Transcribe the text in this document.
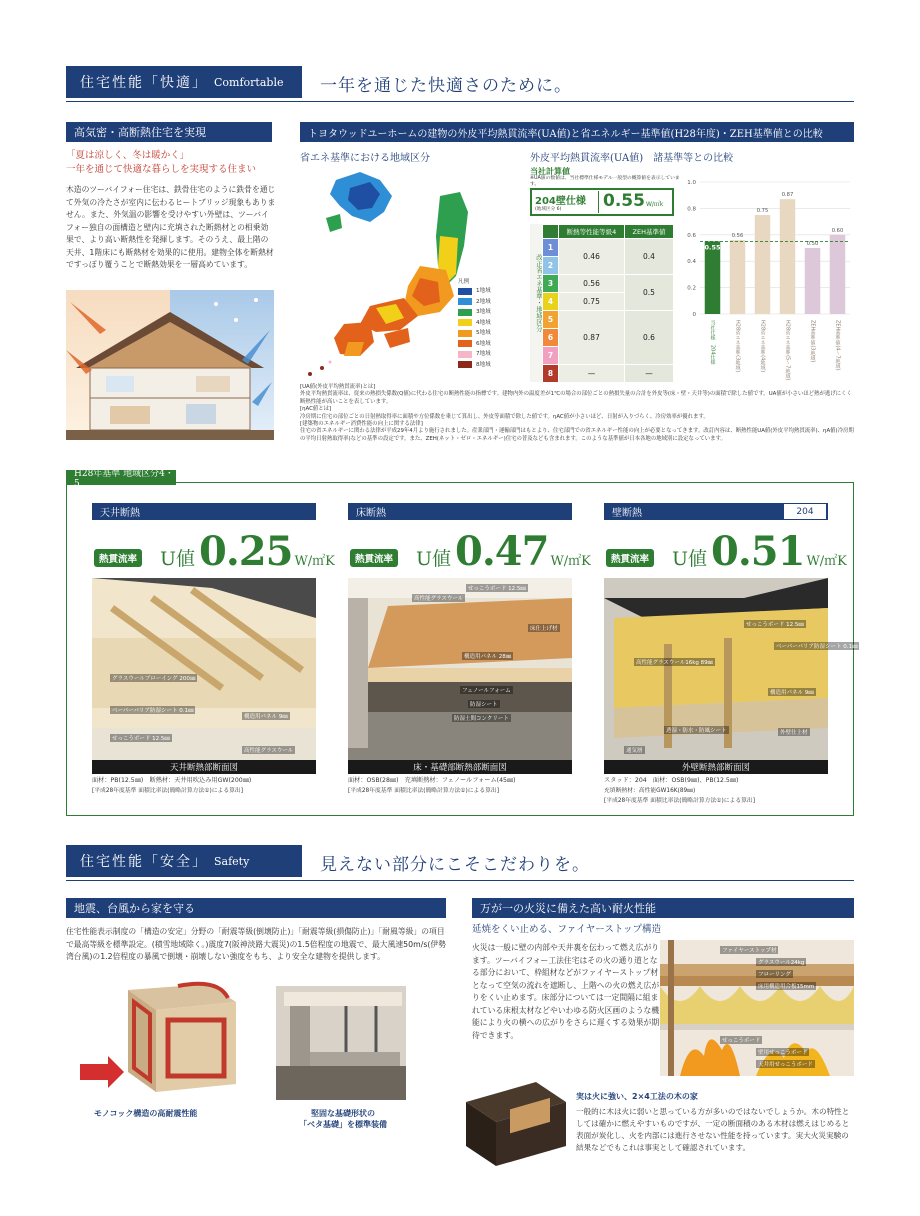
住宅性能「快適」 Comfortable 一年を通じた快適さのために。
高気密・高断熱住宅を実現
「夏は涼しく、冬は暖かく」
一年を通じて快適な暮らしを実現する住まい
木造のツーバイフォー住宅は、鉄骨住宅のように鉄骨を通じて外気の冷たさが室内に伝わるヒートブリッジ現象もありません。また、外気温の影響を受けやすい外壁は、ツーバイフォー独自の面構造と壁内に充填された断熱材との相乗効果で、より高い断熱性を発揮します。そのうえ、最上階の天井、1階床にも断熱材を効果的に使用。建物全体を断熱材ですっぽり覆うことで断熱効果を一層高めています。
トヨタウッドユーホームの建物の外皮平均熱貫流率(UA値)と省エネルギー基準値(H28年度)・ZEH基準値との比較
省エネ基準における地域区分
凡例
1地域
2地域
3地域
4地域
5地域
6地域
7地域
8地域
外皮平均熱貫流率(UA値)　諸基準等との比較
当社計算値
※UA値の数値は、当社標準仕様モデル一般型の概算値を表示しています。
204壁仕様
(地域区分 6)	0.55 W/㎡k
改正省エネ基準・地域区分
	断熱等性能等級4	ZEH基準値
1	0.46	0.4
2		
3	0.56	0.5
4	0.75	
5	0.87	0.6
6		
7		
8	—	—
0
0.2
0.4
0.6
0.8
1.0
0.55
当社仕様　204仕様
0.56
H28省エネ基準(3地域)
0.75
H28省エネ基準(4地域)
0.87
H28省エネ基準(5〜7地域)
0.50
ZEH基準値(3地域)
0.60
ZEH基準値(4〜7地域)
[UA値(外皮平均熱貫流率)とは]
外皮平均熱貫流率は、従来の熱損失係数(Q値)に代わる住宅の断熱性能の指標です。建物内外の温度差が1℃の場合の部位ごとの熱損失量の合計を外皮等(床・壁・天井等)の面積で除した値です。UA値が小さいほど熱が逃げにくく断熱性能が高いことを表しています。
[ηAC値とは]
冷房期に住宅の部位ごとの日射熱取得率に面積や方位係数を乗じて算出し、外皮等面積で除した値です。ηAC値が小さいほど、日射が入りづらく、冷房効率が優れます。
[建築物のエネルギー消費性能の向上に関する法律]
住宅の省エネルギーに関わる法律が平成29年4月より施行されました。産業部門・運輸部門はもとより、住宅部門での省エネルギー性能の向上が必要となってきます。改訂内容は、断熱性能UA値(外皮平均熱貫流率)、ηA値(冷房期の平均日射熱取得率)などの基準の設定です。また、ZEH(ネット・ゼロ・エネルギー)住宅の普及なども含まれます。このような基準値が日本各地の地域別に設定なっています。
H28年基準 地域区分4・5
天井断熱
熱貫流率 U値 0.25 W/㎡K
天井断熱部断面図
グラスウールブローイング 200㎜
ベーパーバリア防湿シート 0.1㎜
せっこうボード 12.5㎜
構造用パネル 9㎜
高性能グラスウール
面材：PB(12.5㎜)　断熱材：天井用吹込み用GW(200㎜)
[平成28年度基準 面積比率法(簡略計算方法①)による算出]
床断熱
熱貫流率 U値 0.47 W/㎡K
床・基礎部断熱部断面図
せっこうボード 12.5㎜
高性能グラスウール
床仕上げ材
構造用パネル 28㎜
フェノールフォーム
防湿シート
防湿土間コンクリート
面材：OSB(28㎜)　充填断熱材：フェノールフォーム(45㎜)
[平成28年度基準 面積比率法(簡略計算方法①)による算出]
壁断熱	204
熱貫流率 U値 0.51 W/㎡K
外壁断熱部断面図
せっこうボード 12.5㎜
ベーパーバリア防湿シート 0.1㎜
高性能グラスウール16kg 89㎜
構造用パネル 9㎜
透湿・防水・防風シート
通気層
外壁仕上材
スタッド：204　面材：OSB(9㎜)、PB(12.5㎜)
充填断熱材：高性能GW16K(89㎜)
[平成28年度基準 面積比率法(簡略計算方法①)による算出]
住宅性能「安全」 Safety	見えない部分にこそこだわりを。
地震、台風から家を守る
住宅性能表示制度の「構造の安定」分野の「耐震等級(倒壊防止)」「耐震等級(損傷防止)」「耐風等級」の項目で最高等級を標準設定。(積雪地域除く。)震度7(阪神淡路大震災)の1.5倍程度の地震で、最大風速50m/s(伊勢湾台風)の1.2倍程度の暴風で倒壊・崩壊しない強度をもち、より安全な建物を提供します。
モノコック構造の高耐震性能	堅固な基礎形状の
「ベタ基礎」を標準装備
万が一の火災に備えた高い耐火性能
延焼をくい止める、ファイヤーストップ構造
火災は一般に壁の内部や天井裏を伝わって燃え広がります。ツーバイフォー工法住宅はその火の通り道となる部分において、枠組材などがファイヤーストップ材となって空気の流れを遮断し、上階への火の燃え広がりをくい止めます。床部分については一定間隔に組まれている床根太材などやいわゆる防火区画のような機能により火の横への広がりをさらに遅くする効果が期待できます。
ファイヤーストップ材
グラスウール24kg
フローリング
床用構造用合板15mm
せっこうボード
壁用せっこうボード
天井用せっこうボード
実は火に強い、2×4工法の木の家
一般的に木は火に弱いと思っている方が多いのではないでしょうか。木の特性としては確かに燃えやすいものですが、一定の断面積のある木材は燃えはじめると表面が炭化し、火を内部には進行させない性能を持っています。実大火災実験の結果などでもこれは事実として確認されています。
